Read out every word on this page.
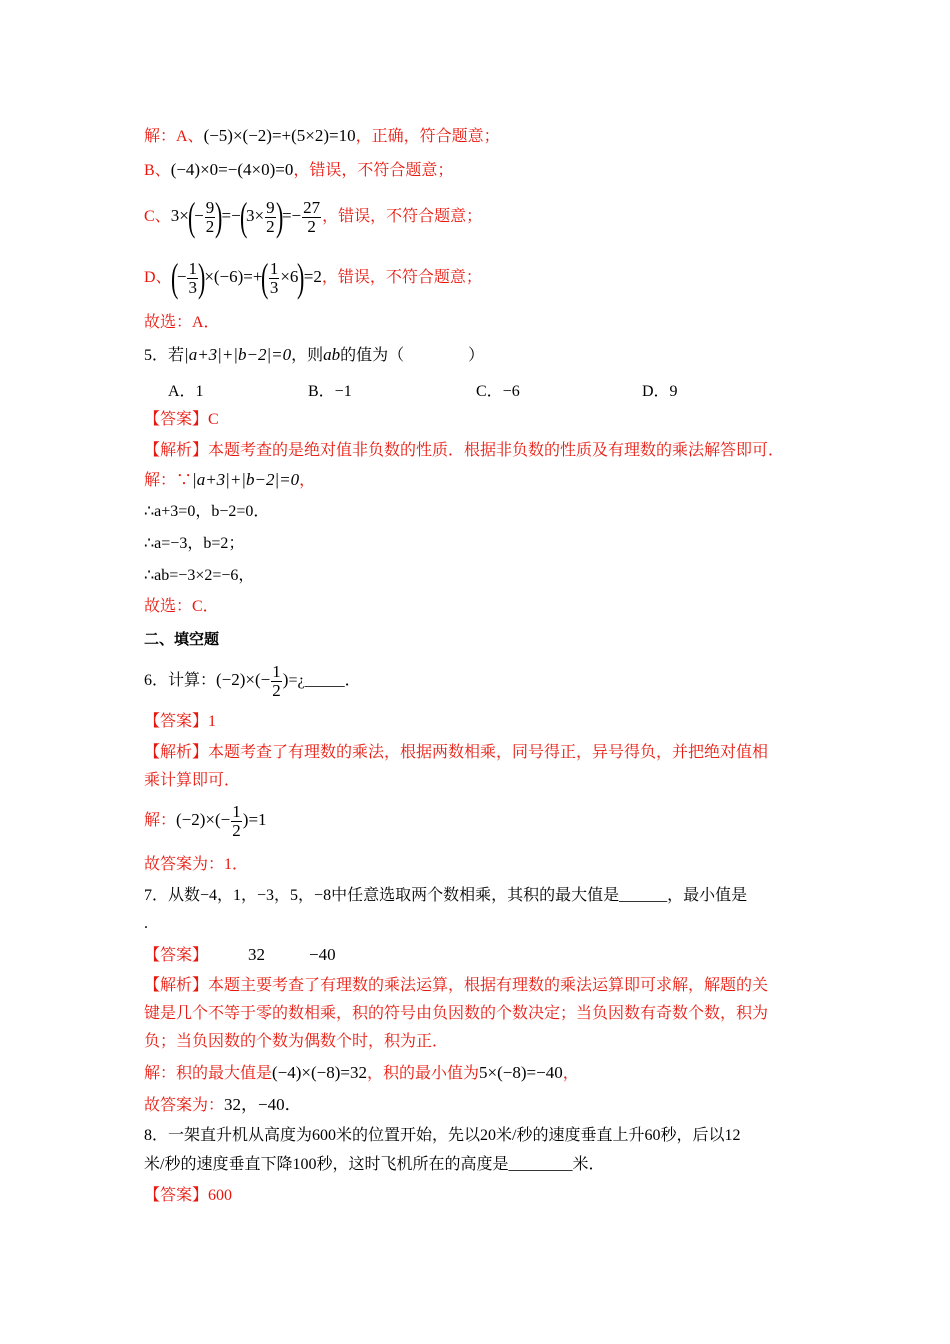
解：A、(−5)×(−2)=+(5×2)=10，正确，符合题意；
B、(−4)×0=−(4×0)=0，错误，不符合题意；
C、$3\times(- \frac{9}{2} )=-(3\times \frac{9}{2}$ )=− $\frac{27}{2}$ ，错误，不符合题意；
D、(− $\frac{1}{3} )\times(-6)=+( \frac{1}{3} \times 6)=2$，错误，不符合题意；
故选：A．
5．若|a+3|+|b−2|=0，则ab的值为（　　　　）
A．1	B．−1	C．−6	D．9
【答案】C
【解析】本题考查的是绝对值非负数的性质．根据非负数的性质及有理数的乘法解答即可．
解：∵|a+3|+|b−2|=0，
∴a+3=0，b−2=0．
∴a=−3，b=2；
∴ab=−3×2=−6，
故选：C．
二、填空题
6．计算：$(-2)\times(- \frac{1}{2}$ )=¿_____．
【答案】1
【解析】本题考查了有理数的乘法，根据两数相乘，同号得正，异号得负，并把绝对值相
乘计算即可．
解：$(-2)\times(- \frac{1}{2} )=1$
故答案为：1．
7．从数−4，1，−3，5，−8中任意选取两个数相乘，其积的最大值是______，最小值是
.
【答案】 32	−40
【解析】本题主要考查了有理数的乘法运算，根据有理数的乘法运算即可求解，解题的关
键是几个不等于零的数相乘，积的符号由负因数的个数决定；当负因数有奇数个数，积为
负；当负因数的个数为偶数个时，积为正．
解：积的最大值是(−4)×(−8)=32，积的最小值为5×(−8)=−40，
故答案为：32，−40．
8．一架直升机从高度为600米的位置开始，先以20米/秒的速度垂直上升60秒，后以12
米/秒的速度垂直下降100秒，这时飞机所在的高度是________米．
【答案】600
